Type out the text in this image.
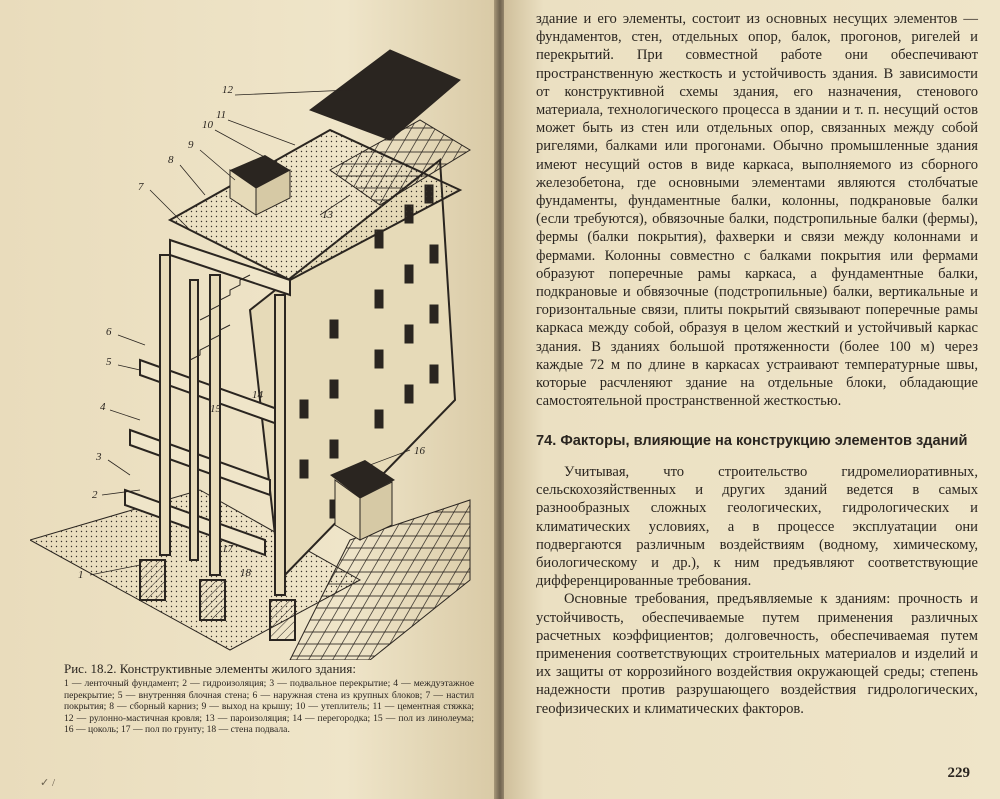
1
2
3
4
5
6
7
8
9
10
11
12
13
14
15
16
17
18
Рис. 18.2. Конструктивные элементы жилого здания:
1 — ленточный фундамент; 2 — гидроизоляция; 3 — подвальное перекрытие; 4 — междуэтажное перекрытие; 5 — внутренняя блочная стена; 6 — наружная стена из крупных блоков; 7 — настил покрытия; 8 — сборный карниз; 9 — выход на крышу; 10 — утеплитель; 11 — цементная стяжка; 12 — рулонно-мастичная кровля; 13 — пароизоляция; 14 — перегородка; 15 — пол из линолеума; 16 — цоколь; 17 — пол по грунту; 18 — стена подвала.
✓ /

здание и его элементы, состоит из основных несущих элементов — фундаментов, стен, отдельных опор, балок, прогонов, ригелей и перекрытий. При совместной работе они обеспечивают пространственную жесткость и устойчивость здания. В зависимости от конструктивной схемы здания, его назначения, стенового материала, технологического процесса в здании и т. п. несущий остов может быть из стен или отдельных опор, связанных между собой ригелями, балками или прогонами. Обычно промышленные здания имеют несущий остов в виде каркаса, выполняемого из сборного железобетона, где основными элементами являются столбчатые фундаменты, фундаментные балки, колонны, подкрановые балки (если требуются), обвязочные балки, подстропильные балки (фермы), фермы (балки покрытия), фахверки и связи между колоннами и фермами. Колонны совместно с балками покрытия или фермами образуют поперечные рамы каркаса, а фундаментные балки, подкрановые и обвязочные (подстропильные) балки, вертикальные и горизонтальные связи, плиты покрытий связывают поперечные рамы каркаса между собой, образуя в целом жесткий и устойчивый каркас здания. В зданиях большой протяженности (более 100 м) через каждые 72 м по длине в каркасах устраивают температурные швы, которые расчленяют здание на отдельные блоки, обладающие самостоятельной пространственной жесткостью.

74. Факторы, влияющие на конструкцию элементов зданий

Учитывая, что строительство гидромелиоративных, сельскохозяйственных и других зданий ведется в самых разнообразных сложных геологических, гидрологических и климатических условиях, а в процессе эксплуатации они подвергаются различным воздействиям (водному, химическому, биологическому и др.), к ним предъявляют соответствующие дифференцированные требования.

Основные требования, предъявляемые к зданиям: прочность и устойчивость, обеспечиваемые путем применения различных расчетных коэффициентов; долговечность, обеспечиваемая путем применения соответствующих строительных материалов и изделий и их защиты от коррозийного воздействия окружающей среды; степень надежности против разрушающего воздействия гидрологических, геофизических и климатических факторов.

229
